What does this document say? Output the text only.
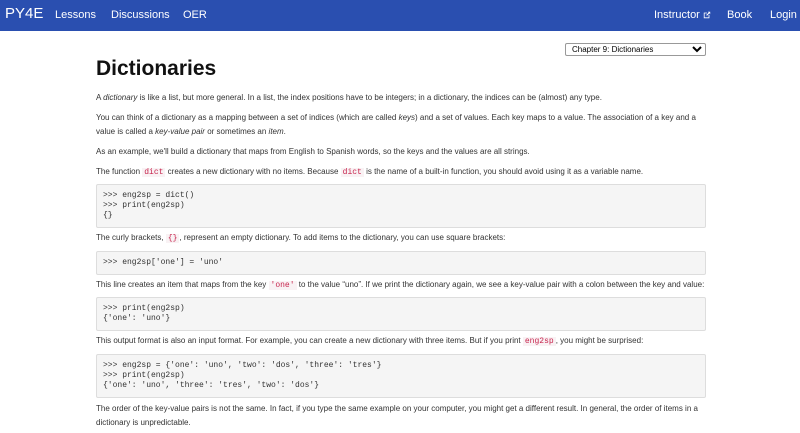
PY4E Lessons Discussions OER	Instructor	Book Login
Chapter 9: Dictionaries
Dictionaries

A dictionary is like a list, but more general. In a list, the index positions have to be integers; in a dictionary, the indices can be (almost) any type.

You can think of a dictionary as a mapping between a set of indices (which are called keys) and a set of values. Each key maps to a value. The association of a key and a value is called a key-value pair or sometimes an item.

As an example, we'll build a dictionary that maps from English to Spanish words, so the keys and the values are all strings.

The function dict creates a new dictionary with no items. Because dict is the name of a built-in function, you should avoid using it as a variable name.

>>> eng2sp = dict()
>>> print(eng2sp)
{}

The curly brackets, {} , represent an empty dictionary. To add items to the dictionary, you can use square brackets:

>>> eng2sp['one'] = 'uno'

This line creates an item that maps from the key 'one' to the value “uno”. If we print the dictionary again, we see a key-value pair with a colon between the key and value:

>>> print(eng2sp)
{'one': 'uno'}

This output format is also an input format. For example, you can create a new dictionary with three items. But if you print eng2sp , you might be surprised:

>>> eng2sp = {'one': 'uno', 'two': 'dos', 'three': 'tres'}
>>> print(eng2sp)
{'one': 'uno', 'three': 'tres', 'two': 'dos'}

The order of the key-value pairs is not the same. In fact, if you type the same example on your computer, you might get a different result. In general, the order of items in a dictionary is unpredictable.
